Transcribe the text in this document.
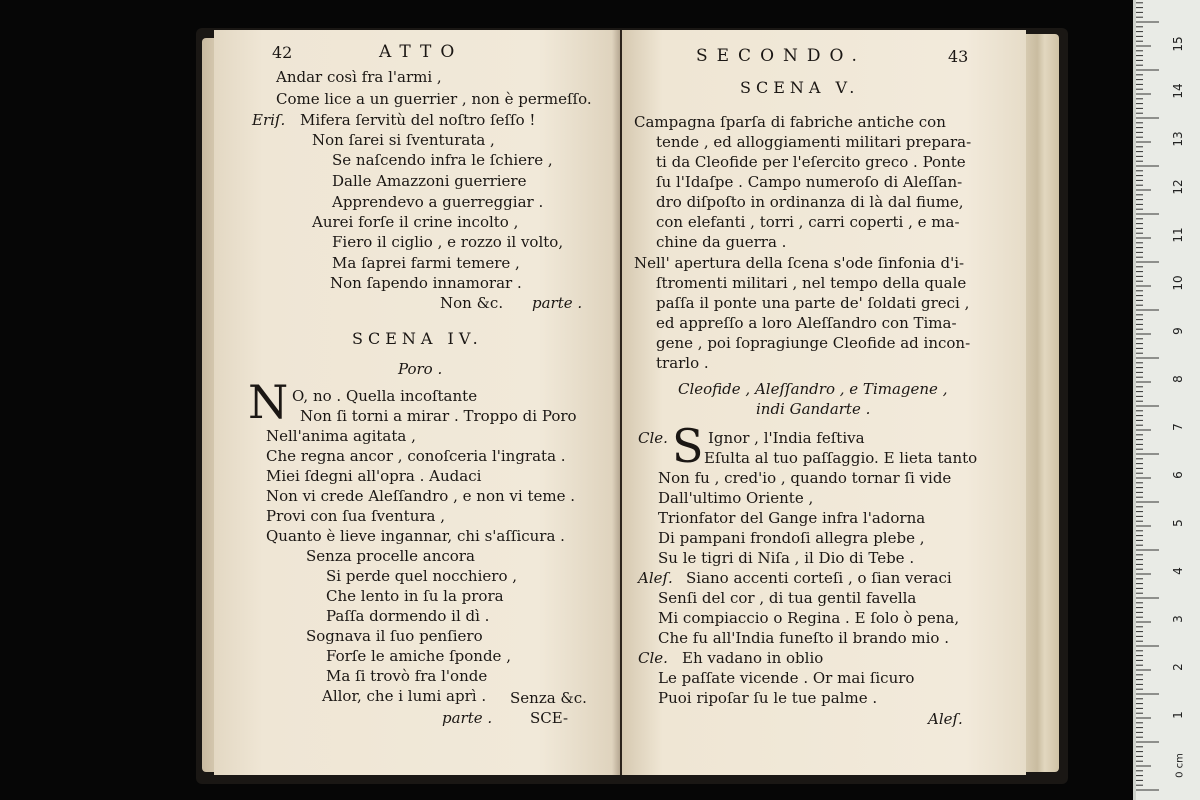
42	ATTO
Andar così fra l'armi ,
Come lice a un guerrier , non è permeſſo.
Eriſ. Mifera ſervitù del noſtro ſeſſo !
Non ſarei si ſventurata ,
Se naſcendo infra le ſchiere ,
Dalle Amazzoni guerriere
Apprendevo a guerreggiar .
Aurei forſe il crine incolto ,
Fiero il ciglio , e rozzo il volto,
Ma ſaprei farmi temere ,
Non ſapendo innamorar .
Non &c. parte .
SCENA IV.
Poro .
N O, no . Quella incoſtante
Non ſi torni a mirar . Troppo di Poro
Nell'anima agitata ,
Che regna ancor , conoſceria l'ingrata .
Miei ſdegni all'opra . Audaci
Non vi crede Aleſſandro , e non vi teme .
Provi con ſua ſventura ,
Quanto è lieve ingannar, chi s'aſſicura .
Senza procelle ancora
Si perde quel nocchiero ,
Che lento in ſu la prora
Paſſa dormendo il dì .
Sognava il ſuo penſiero
Forſe le amiche ſponde ,
Ma ſi trovò fra l'onde
Allor, che i lumi aprì . Senza &c.
parte .	SCE-
SECONDO.	43
SCENA V.
Campagna ſparſa di fabriche antiche con
tende , ed alloggiamenti militari prepara-
ti da Cleofide per l'eſercito greco . Ponte
ſu l'Idaſpe . Campo numeroſo di Aleſſan-
dro diſpoſto in ordinanza di là dal fiume,
con elefanti , torri , carri coperti , e ma-
chine da guerra .
Nell' apertura della ſcena s'ode ſinfonia d'i-
ſtromenti militari , nel tempo della quale
paſſa il ponte una parte de' ſoldati greci ,
ed appreſſo a loro Aleſſandro con Tima-
gene , poi ſopragiunge Cleofide ad incon-
trarlo .
Cleofide , Aleſſandro , e Timagene ,
indi Gandarte .
Cle. S Ignor , l'India feſtiva
Eſulta al tuo paſſaggio. E lieta tanto
Non fu , cred'io , quando tornar ſi vide
Dall'ultimo Oriente ,
Trionfator del Gange infra l'adorna
Di pampani frondoſi allegra plebe ,
Su le tigri di Niſa , il Dio di Tebe .
Aleſ. Siano accenti corteſi , o ſian veraci
Senſi del cor , di tua gentil favella
Mi compiaccio o Regina . E ſolo ò pena,
Che fu all'India funeſto il brando mio .
Cle. Eh vadano in oblio
Le paſſate vicende . Or mai ſicuro
Puoi ripoſar ſu le tue palme .
Aleſ.
15
14
13
12
11
10
9
8
7
6
5
4
3
2
1
0 cm
